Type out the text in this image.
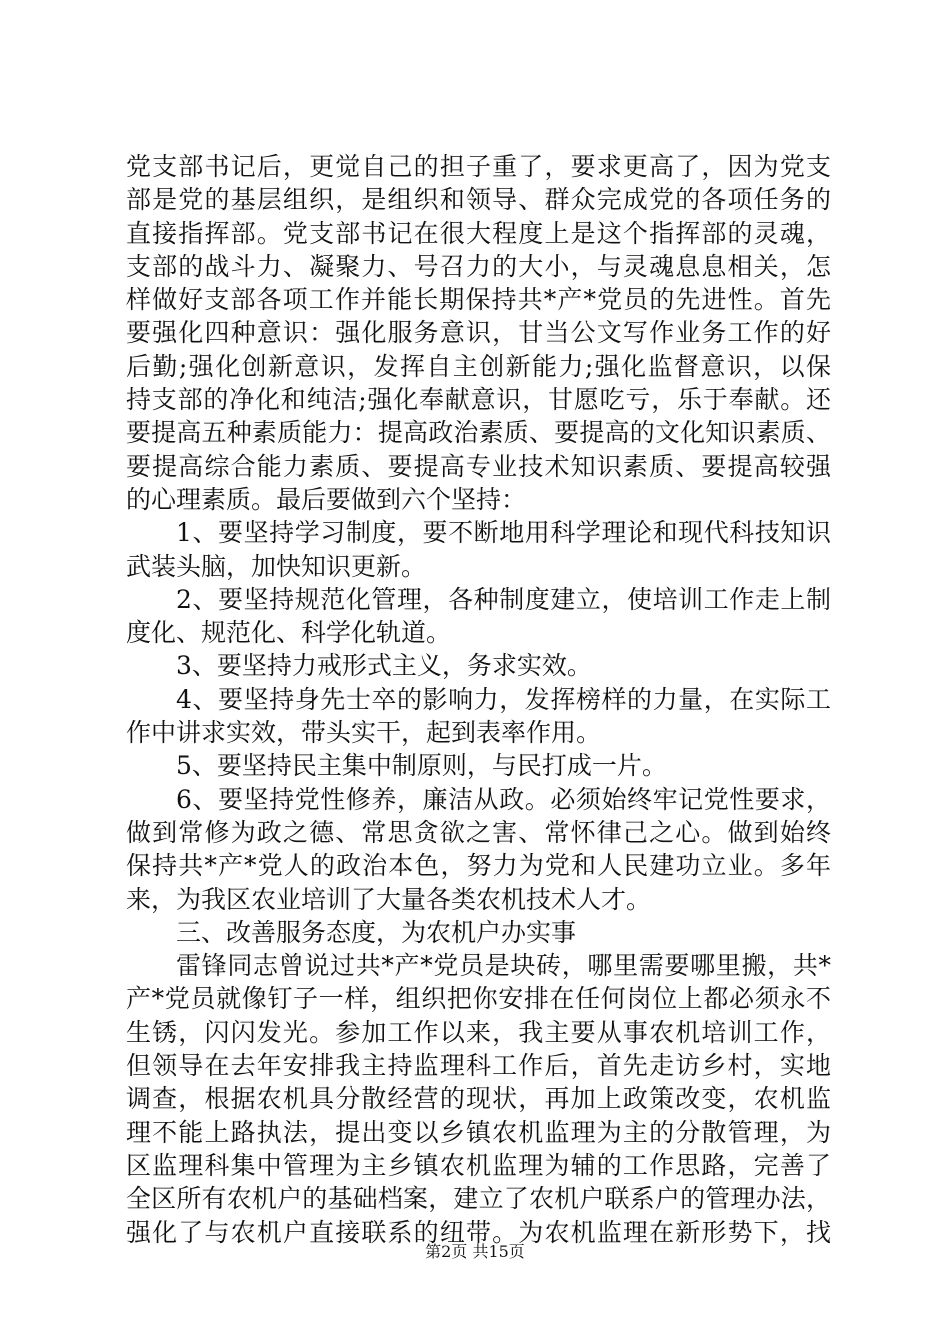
党支部书记后，更觉自己的担子重了，要求更高了，因为党支
部是党的基层组织，是组织和领导、群众完成党的各项任务的
直接指挥部。党支部书记在很大程度上是这个指挥部的灵魂，
支部的战斗力、凝聚力、号召力的大小，与灵魂息息相关，怎
样做好支部各项工作并能长期保持共*产*党员的先进性。首先
要强化四种意识：强化服务意识，甘当公文写作业务工作的好
后勤;强化创新意识，发挥自主创新能力;强化监督意识，以保
持支部的净化和纯洁;强化奉献意识，甘愿吃亏，乐于奉献。还
要提高五种素质能力：提高政治素质、要提高的文化知识素质、
要提高综合能力素质、要提高专业技术知识素质、要提高较强
的心理素质。最后要做到六个坚持：
1、要坚持学习制度，要不断地用科学理论和现代科技知识
武装头脑，加快知识更新。
2、要坚持规范化管理，各种制度建立，使培训工作走上制
度化、规范化、科学化轨道。
3、要坚持力戒形式主义，务求实效。
4、要坚持身先士卒的影响力，发挥榜样的力量，在实际工
作中讲求实效，带头实干，起到表率作用。
5、要坚持民主集中制原则，与民打成一片。
6、要坚持党性修养，廉洁从政。必须始终牢记党性要求，
做到常修为政之德、常思贪欲之害、常怀律己之心。做到始终
保持共*产*党人的政治本色，努力为党和人民建功立业。多年
来，为我区农业培训了大量各类农机技术人才。
三、改善服务态度，为农机户办实事
雷锋同志曾说过共*产*党员是块砖，哪里需要哪里搬，共*
产*党员就像钉子一样，组织把你安排在任何岗位上都必须永不
生锈，闪闪发光。参加工作以来，我主要从事农机培训工作，
但领导在去年安排我主持监理科工作后，首先走访乡村，实地
调查，根据农机具分散经营的现状，再加上政策改变，农机监
理不能上路执法，提出变以乡镇农机监理为主的分散管理，为
区监理科集中管理为主乡镇农机监理为辅的工作思路，完善了
全区所有农机户的基础档案，建立了农机户联系户的管理办法，
强化了与农机户直接联系的纽带。为农机监理在新形势下，找
第2页 共15页
